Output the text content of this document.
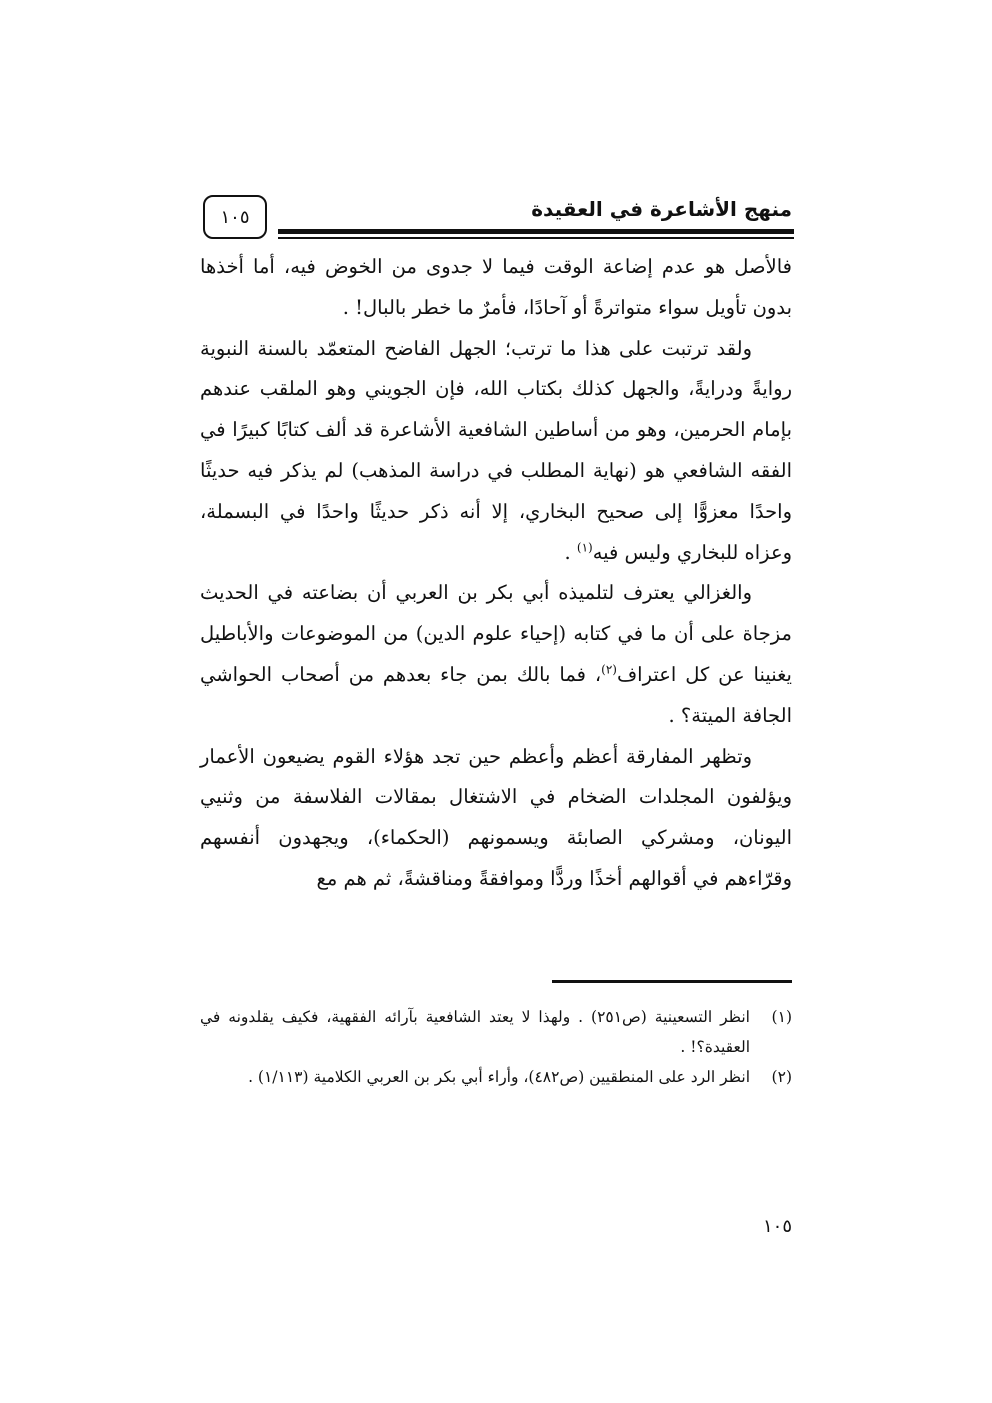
منهج الأشاعرة في العقيدة
١٠٥

فالأصل هو عدم إضاعة الوقت فيما لا جدوى من الخوض فيه، أما أخذها بدون تأويل سواء متواترةً أو آحادًا، فأمرٌ ما خطر بالبال! .

ولقد ترتبت على هذا ما ترتب؛ الجهل الفاضح المتعمّد بالسنة النبوية روايةً ودرايةً، والجهل كذلك بكتاب الله، فإن الجويني وهو الملقب عندهم بإمام الحرمين، وهو من أساطين الشافعية الأشاعرة قد ألف كتابًا كبيرًا في الفقه الشافعي هو (نهاية المطلب في دراسة المذهب) لم يذكر فيه حديثًا واحدًا معزوًّا إلى صحيح البخاري، إلا أنه ذكر حديثًا واحدًا في البسملة، وعزاه للبخاري وليس فيه$^{(١)}$ .

والغزالي يعترف لتلميذه أبي بكر بن العربي أن بضاعته في الحديث مزجاة على أن ما في كتابه (إحياء علوم الدين) من الموضوعات والأباطيل يغنينا عن كل اعتراف$^{(٢)}$، فما بالك بمن جاء بعدهم من أصحاب الحواشي الجافة الميتة؟ .

وتظهر المفارقة أعظم وأعظم حين تجد هؤلاء القوم يضيعون الأعمار ويؤلفون المجلدات الضخام في الاشتغال بمقالات الفلاسفة من وثنيي اليونان، ومشركي الصابئة ويسمونهم (الحكماء)، ويجهدون أنفسهم وقرّاءهم في أقوالهم أخذًا وردًّا وموافقةً ومناقشةً، ثم هم مع

(١)
انظر التسعينية (ص٢٥١) . ولهذا لا يعتد الشافعية بآرائه الفقهية، فكيف يقلدونه في العقيدة؟! .
(٢)
انظر الرد على المنطقيين (ص٤٨٢)، وأراء أبي بكر بن العربي الكلامية (١/١١٣) .
١٠٥
